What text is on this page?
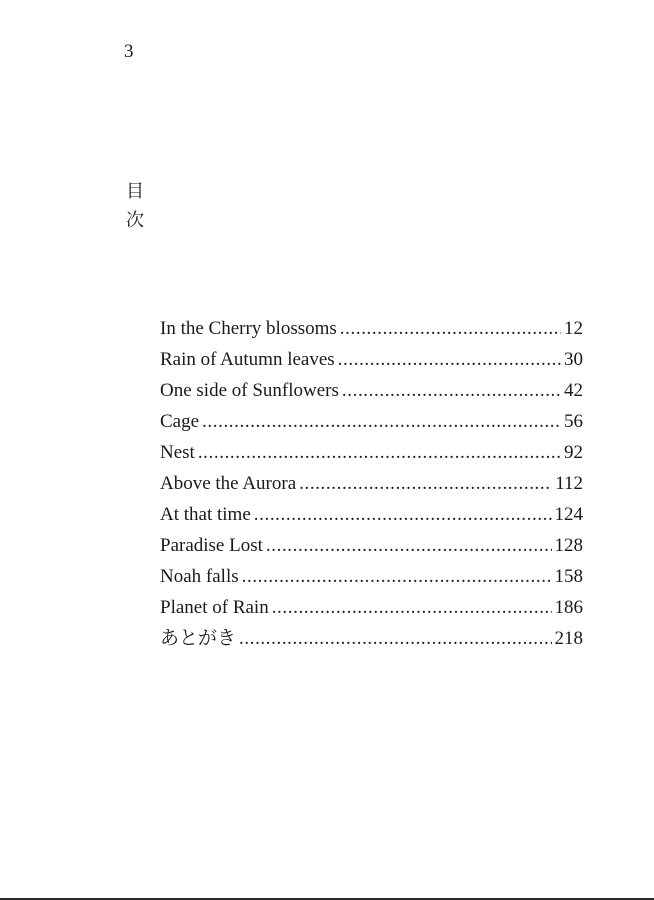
3
目
次
In the Cherry blossoms .....	12
Rain of Autumn leaves .....	30
One side of Sunflowers .....	42
Cage .....	56
Nest .....	92
Above the Aurora .....	112
At that time .....	124
Paradise Lost .....	128
Noah falls .....	158
Planet of Rain .....	186
あとがき .....	218
